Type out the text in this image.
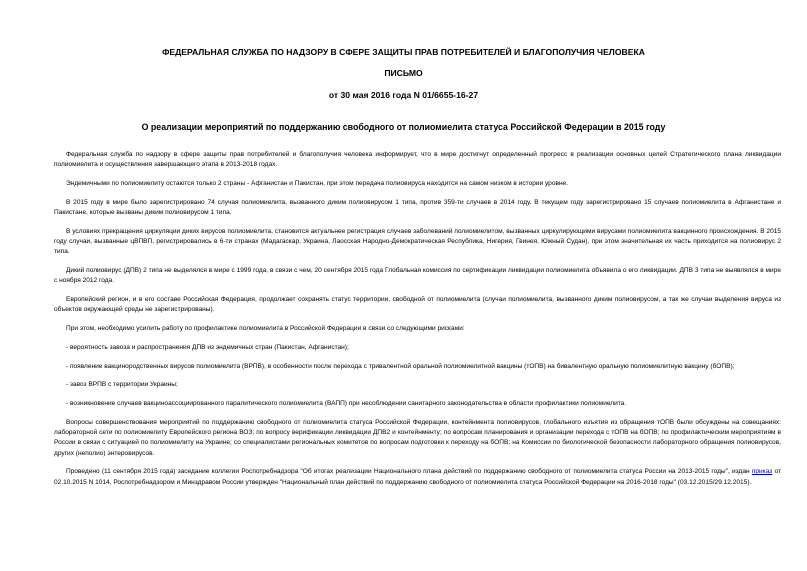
ФЕДЕРАЛЬНАЯ СЛУЖБА ПО НАДЗОРУ В СФЕРЕ ЗАЩИТЫ ПРАВ ПОТРЕБИТЕЛЕЙ И БЛАГОПОЛУЧИЯ ЧЕЛОВЕКА
ПИСЬМО
от 30 мая 2016 года N 01/6655-16-27
О реализации мероприятий по поддержанию свободного от полиомиелита статуса Российской Федерации в 2015 году

Федеральная служба по надзору в сфере защиты прав потребителей и благополучия человека информирует, что в мире достигнут определенный прогресс в реализации основных целей Стратегического плана ликвидации полиомиелита и осуществления завершающего этапа в 2013-2018 годах.

Эндемичными по полиомиелиту остаются только 2 страны - Афганистан и Пакистан, при этом передача полиовируса находится на самом низком в истории уровне.

В 2015 году в мире было зарегистрировано 74 случая полиомиелита, вызванного диким полиовирусом 1 типа, против 359-ти случаев в 2014 году. В текущем году зарегистрировано 15 случаев полиомиелита в Афганистане и Пакистане, которые вызваны диким полиовирусом 1 типа.

В условиях прекращения циркуляции диких вирусов полиомиелита, становится актуальнее регистрация случаев заболеваний полиомиелитом, вызванных циркулирующими вирусами полиомиелита вакцинного происхождения. В 2015 году случаи, вызванные цВПВП, регистрировались в 6-ти странах (Мадагаскар, Украина, Лаосская Народно-Демократическая Республика, Нигерия, Гвинея, Южный Судан), при этом значительная их часть приходится на полиовирус 2 типа.

Дикий полиовирус (ДПВ) 2 типа не выделялся в мире с 1999 года, в связи с чем, 20 сентября 2015 года Глобальная комиссия по сертификации ликвидации полиомиелита объявила о его ликвидации. ДПВ 3 типа не выявлялся в мире с ноября 2012 года.

Европейский регион, и в его составе Российская Федерация, продолжает сохранять статус территории, свободной от полиомиелита (случаи полиомиелита, вызванного диким полиовирусом, а так же случаи выделения вируса из объектов окружающей среды не зарегистрированы).

При этом, необходимо усилить работу по профилактике полиомиелита в Российской Федерации в связи со следующими рисками:

- вероятность завоза и распространения ДПВ из эндемичных стран (Пакистан, Афганистан);

- появление вакцинородственных вирусов полиомиелита (ВРПВ), в особенности после перехода с тривалентной оральной полиомиелитной вакцины (тОПВ) на бивалентную оральную полиомиелитную вакцину (бОПВ);

- завоз ВРПВ с территории Украины;

- возникновение случаев вакциноассоциированного паралитического полиомиелита (ВАПП) при несоблюдении санитарного законодательства в области профилактики полиомиелита.

Вопросы совершенствования мероприятий по поддержанию свободного от полиомиелита статуса Российской Федерации, контейнмента полиовирусов, глобального изъятия из обращения тОПВ были обсуждены на совещаниях: лабораторной сети по полиомиелиту Европейского региона ВОЗ; по вопросу верификации ликвидации ДПВ2 и контейнменту; по вопросам планирования и организации перехода с тОПВ на бОПВ; по профилактическим мероприятиям в России в связи с ситуацией по полиомиелиту на Украине; со специалистами региональных комитетов по вопросам подготовки к переходу на бОПВ; на Комиссии по биологической безопасности лабораторного обращения полиовирусов, других (неполио) энтеровирусов.

Проведено (11 сентября 2015 года) заседание коллегии Роспотребнадзора "Об итогах реализации Национального плана действий по поддержанию свободного от полиомиелита статуса России на 2013-2015 годы", издан приказ от 02.10.2015 N 1014, Роспотребнадзором и Минздравом России утвержден "Национальный план действий по поддержанию свободного от полиомиелита статуса Российской Федерации на 2016-2018 годы" (03.12.2015/29.12.2015).
